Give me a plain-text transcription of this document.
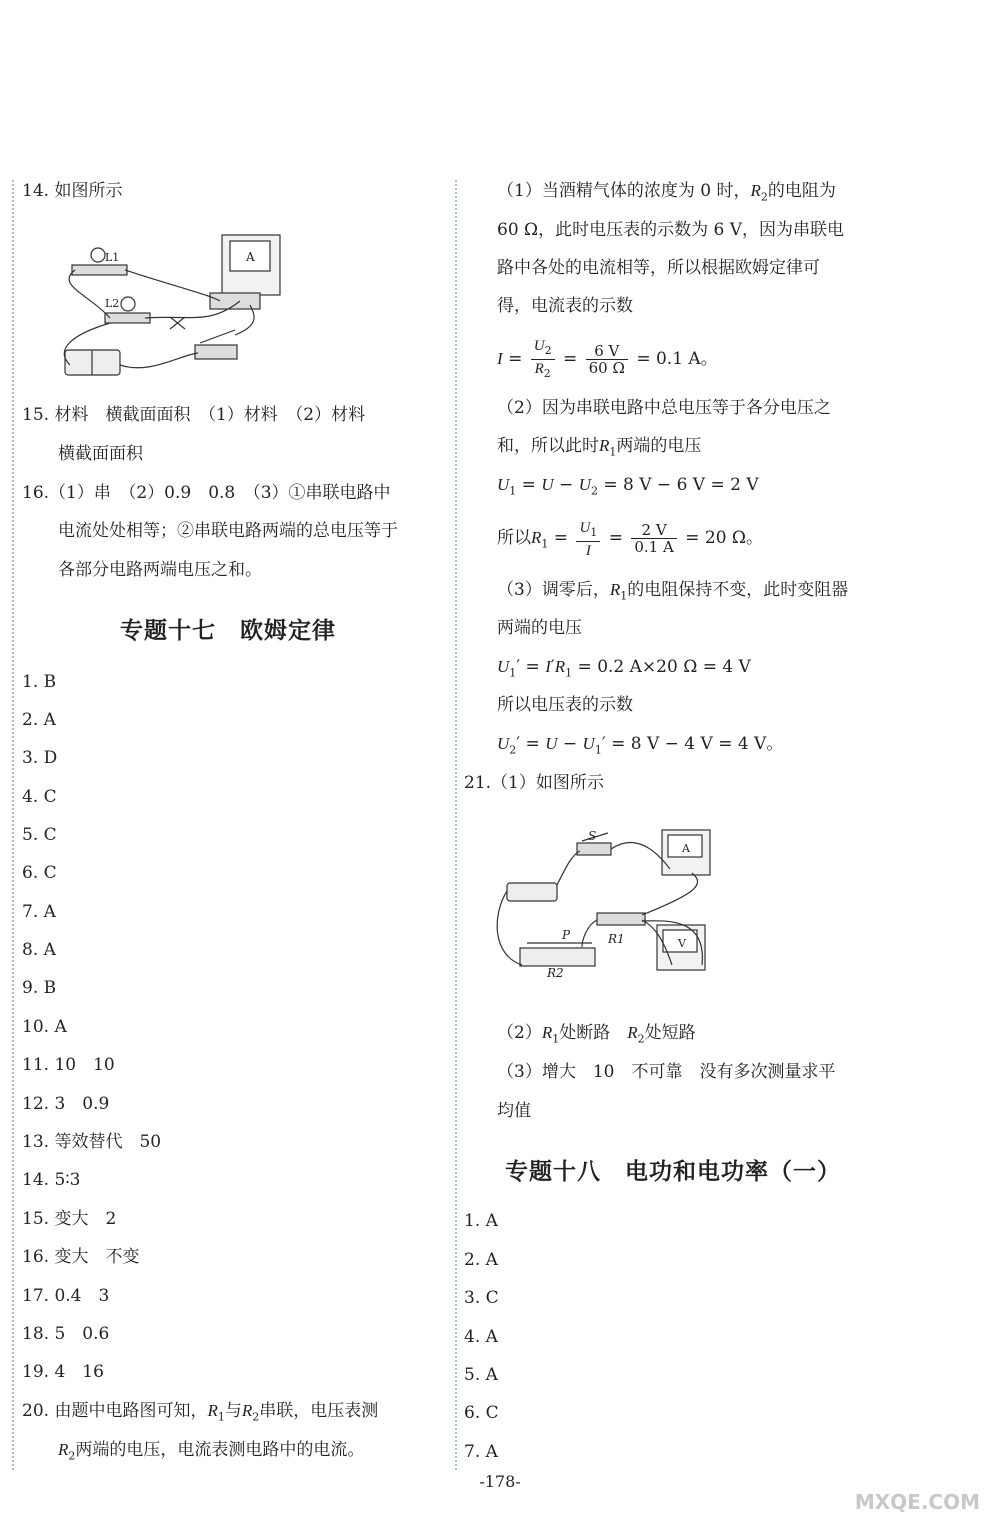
14. 如图所示
L1
L2
A
15. 材料　横截面面积　（1）材料　（2）材料
横截面面积
16.（1）串　（2）0.9　0.8　（3）①串联电路中
电流处处相等；②串联电路两端的总电压等于
各部分电路两端电压之和。
专题十七　欧姆定律
1. B
2. A
3. D
4. C
5. C
6. C
7. A
8. A
9. B
10. A
11. 10　10
12. 3　0.9
13. 等效替代　50
14. 5∶3
15. 变大　2
16. 变大　不变
17. 0.4　3
18. 5　0.6
19. 4　16
20. 由题中电路图可知，$R_1$与$R_2$串联，电压表测
$R_2$两端的电压，电流表测电路中的电流。
（1）当酒精气体的浓度为 0 时，$R_2$的电阻为
60 Ω，此时电压表的示数为 6 V，因为串联电
路中各处的电流相等，所以根据欧姆定律可
得，电流表的示数
$I = \frac{U_2}{R_2} = \frac{6 V}{60 \Omega} = 0.1$ A。
（2）因为串联电路中总电压等于各分电压之
和，所以此时$R_1$两端的电压
$U_1 = U - U_2 = 8$ V − 6 V = 2 V
所以$R_1 = \frac{U_1}{I} = \frac{2 V}{0.1 A} = 20$ Ω。
（3）调零后，$R_1$的电阻保持不变，此时变阻器
两端的电压
$U_1' = I'R_1 = 0.2$ A×20 Ω = 4 V
所以电压表的示数
$U_2' = U - U_1' = 8$ V − 4 V = 4 V。
21.（1）如图所示
S
A
V
R1
P
R2
$(2)R_1$处断路　$R_2$处短路
（3）增大　10　不可靠　没有多次测量求平
均值
专题十八　电功和电功率（一）
1. A
2. A
3. C
4. A
5. A
6. C
7. A
-178-
MXQE.COM
